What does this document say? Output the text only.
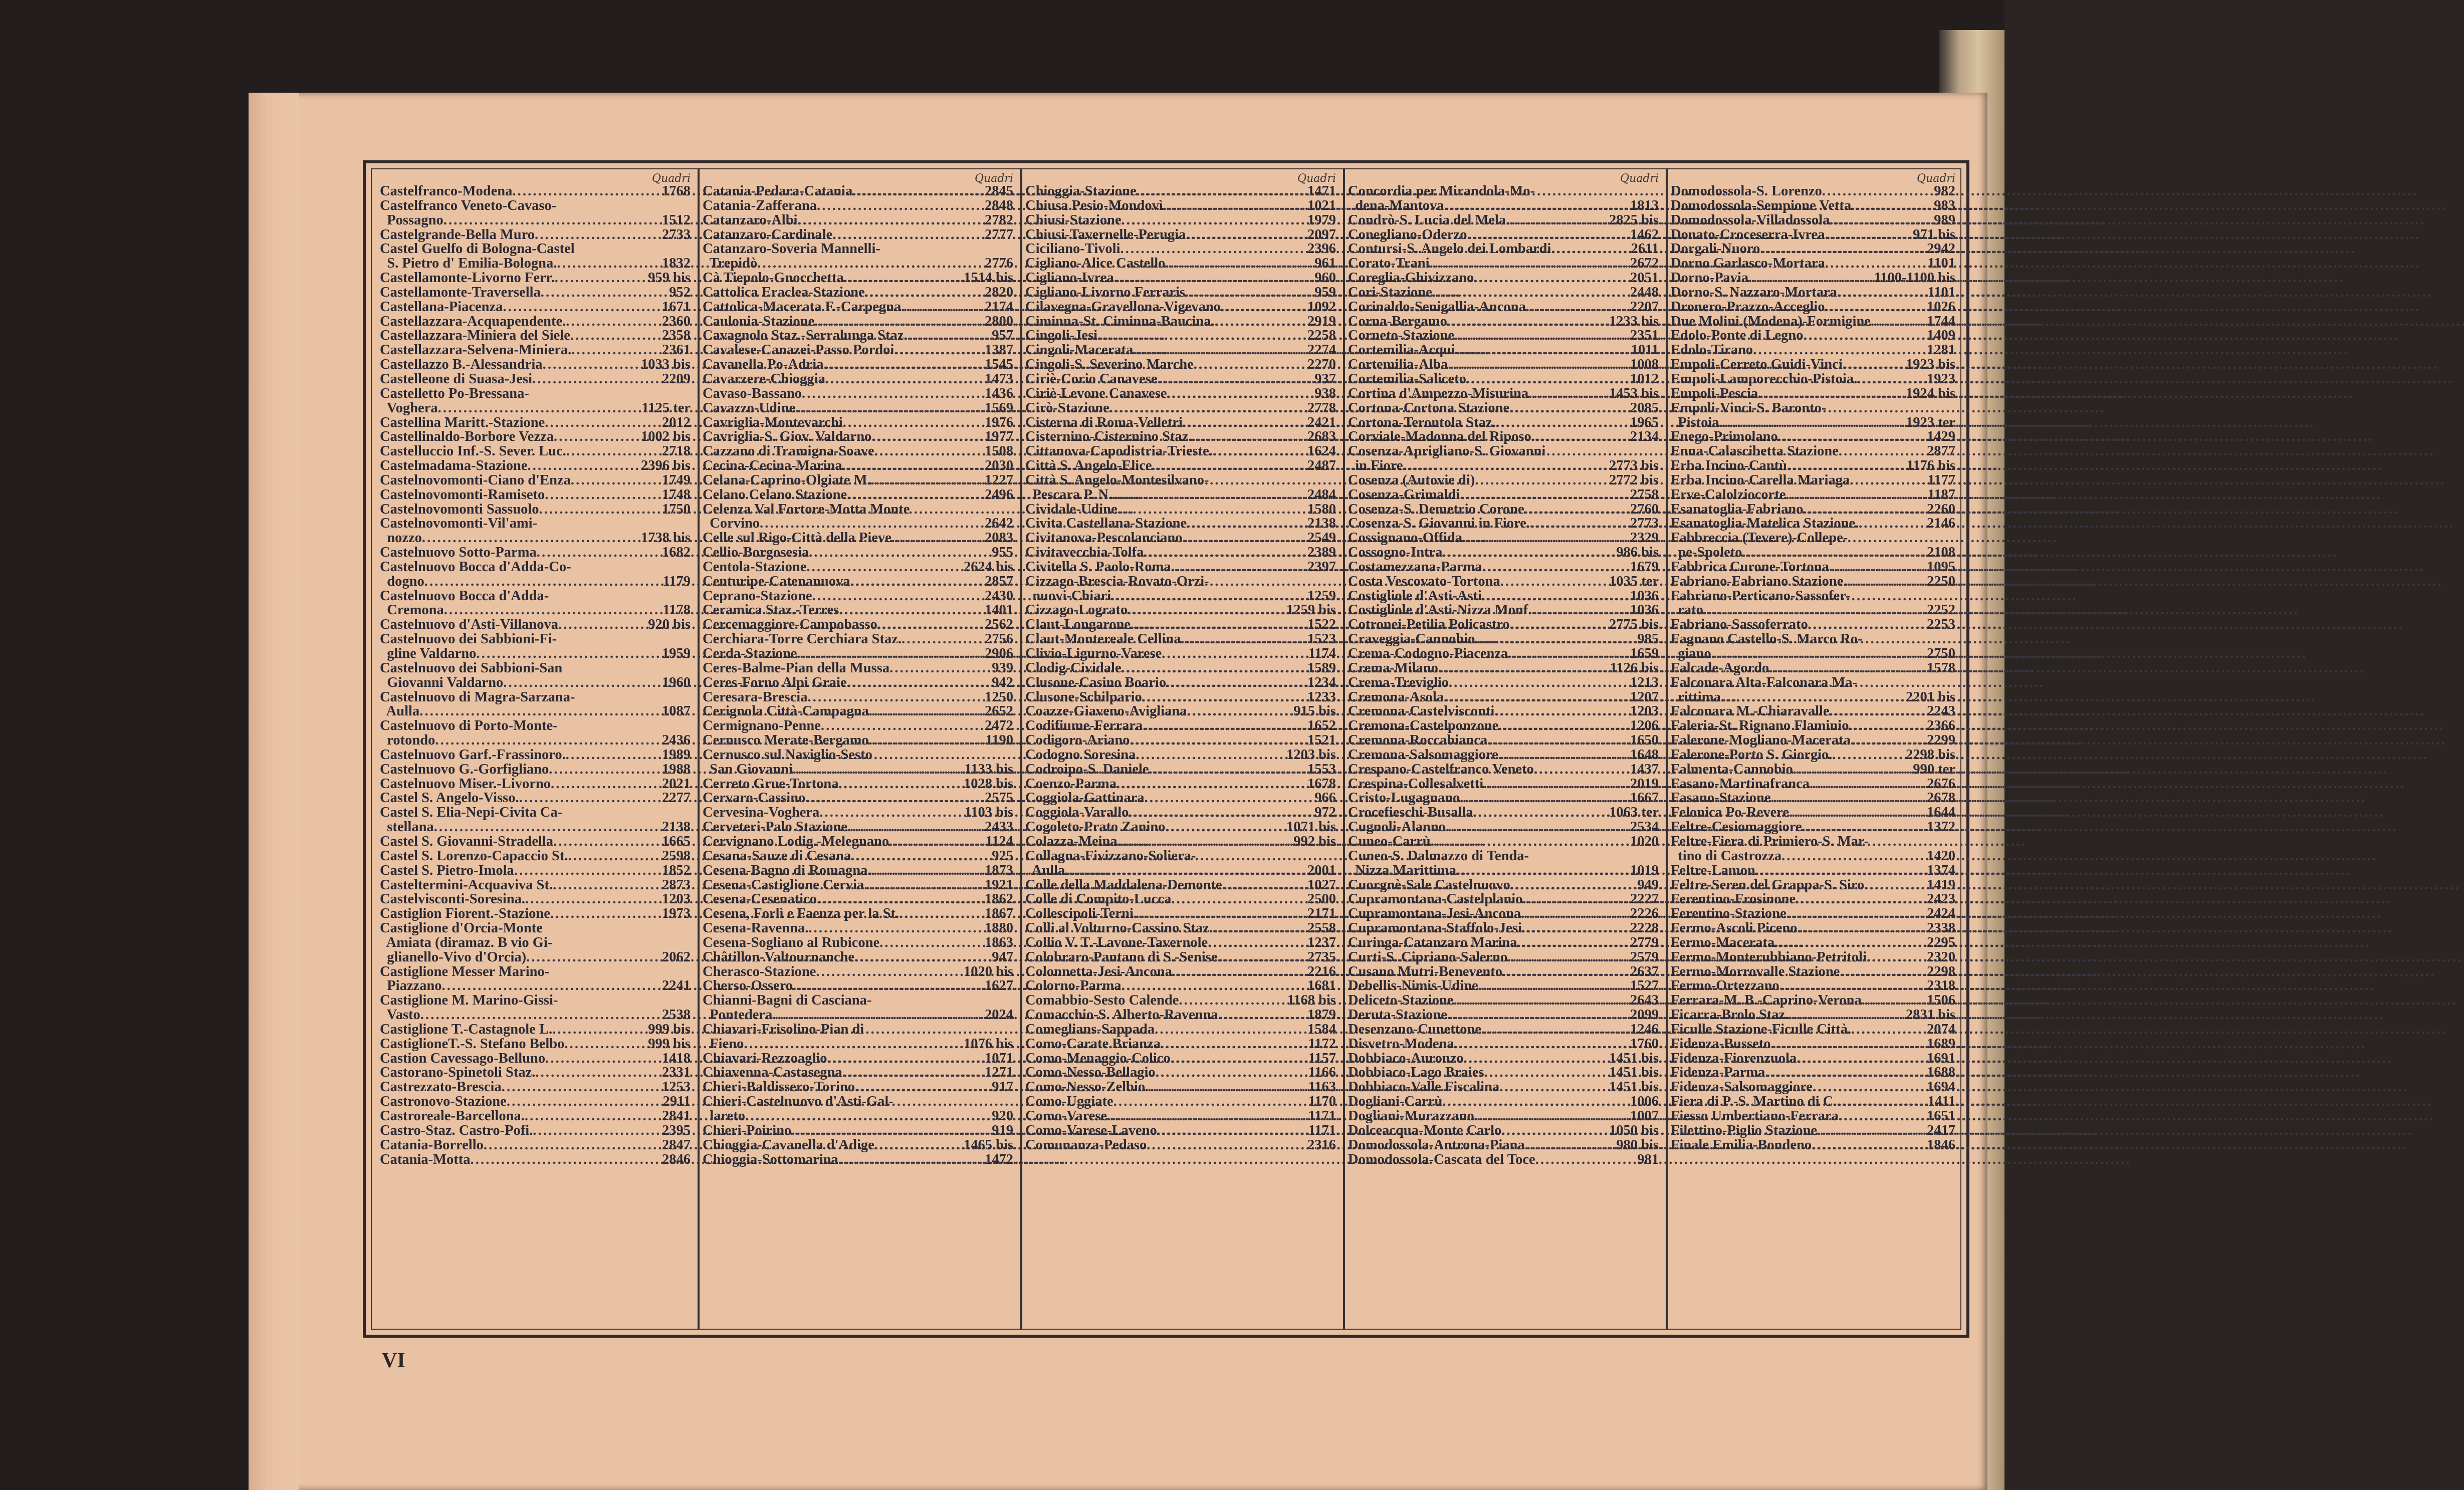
Quadri
Castelfranco-Modena . . .	1768
Castelfranco Veneto-Cavaso-
Possagno . . .	1512
Castelgrande-Bella Muro . . .	2733
Castel Guelfo di Bologna-Castel
S. Pietro d' Emilia-Bologna. . . .	1832
Castellamonte-Livorno Ferr. . . .	959 bis
Castellamonte-Traversella . . .	952
Castellana-Piacenza . . .	1671
Castellazzara-Acquapendente. . . .	2360
Castellazzara-Miniera del Siele . . .	2358
Castellazzara-Selvena-Miniera. . . .	2361
Castellazzo B.-Alessandria . . .	1033 bis
Castelleone di Suasa-Jesi . . .	2209
Castelletto Po-Bressana-
Voghera . . .	1125 ter
Castellina Maritt.-Stazione . . .	2012
Castellinaldo-Borbore Vezza . . .	1002 bis
Castelluccio Inf.-S. Sever. Luc. . . .	2718
Castelmadama-Stazione . . .	2396 bis
Castelnovomonti-Ciano d'Enza . . .	1749
Castelnovomonti-Ramiseto . . .	1748
Castelnovomonti Sassuolo . . .	1750
Castelnovomonti-Vil'ami-
nozzo . . .	1738 bis
Castelnuovo Sotto-Parma . . .	1682
Castelnuovo Bocca d'Adda-Co-
dogno . . .	1179
Castelnuovo Bocca d'Adda-
Cremona . . .	1178
Castelnuovo d'Asti-Villanova . . .	920 bis
Castelnuovo dei Sabbioni-Fi-
gline Valdarno . . .	1959
Castelnuovo dei Sabbioni-San
Giovanni Valdarno . . .	1960
Castelnuovo di Magra-Sarzana-
Aulla . . .	1087
Castelnuovo di Porto-Monte-
rotondo . . .	2436
Castelnuovo Garf.-Frassinoro. . . .	1989
Castelnuovo G.-Gorfigliano . . .	1988
Castelnuovo Miser.-Livorno . . .	2021
Castel S. Angelo-Visso. . . .	2277
Castel S. Elia-Nepi-Civita Ca-
stellana . . .	2138
Castel S. Giovanni-Stradella . . .	1665
Castel S. Lorenzo-Capaccio St. . . .	2598
Castel S. Pietro-Imola . . .	1852
Casteltermini-Acquaviva St. . . .	2873
Castelvisconti-Soresina. . . .	1203
Castiglion Fiorent.-Stazione . . .	1973
Castiglione d'Orcia-Monte
Amiata (diramaz. B vio Gi-
glianello-Vivo d'Orcia) . . .	2062
Castiglione Messer Marino-
Piazzano . . .	2241
Castiglione M. Marino-Gissi-
Vasto . . .	2538
Castiglione T.-Castagnole L. . . .	999 bis
CastiglioneT.-S. Stefano Belbo . . .	999 bis
Castion Cavessago-Belluno . . .	1418
Castorano-Spinetoli Staz. . . .	2331
Castrezzato-Brescia . . .	1253
Castronovo-Stazione . . .	2911
Castroreale-Barcellona. . . .	2841
Castro-Staz. Castro-Pofi. . . .	2395
Catania-Borrello . . .	2847
Catania-Motta . . .	2846
Quadri
Catania-Pedara-Catania . . .	2845
Catania-Zafferana . . .	2848
Catanzaro-Albi . . .	2782
Catanzaro-Cardinale . . .	2777
Catanzaro-Soveria Mannelli-
Trepidò . . .	2776
Cà Tiepolo-Gnocchetta . . .	1514 bis
Cattolica Eraclea-Stazione . . .	2820
Cattolica-Macerata F.-Carpegna . . .	2174
Caulonia-Stazione . . .	2800
Cavagnolo Staz.-Serralunga Staz. . . .	957
Cavalese-Canazei-Passo Pordoi . . .	1387
Cavanella Po-Adria . . .	1545
Cavarzere-Chioggia . . .	1473
Cavaso-Bassano . . .	1436
Cavazzo-Udine . . .	1569
Cavriglia-Montevarchi . . .	1976
Cavriglia-S. Giov. Valdarno . . .	1977
Cazzano di Tramigna-Soave . . .	1508
Cecina-Cecina-Marina . . .	2030
Celana-Caprino-Olgiate M. . . .	1227
Celano Celano Stazione . . .	2496
Celenza Val Fortore-Motta Monte
Corvino . . .	2642
Celle sul Rigo-Città della Pieve . . .	2083
Cellio-Borgosesia . . .	955
Centola-Stazione . . .	2624 bis
Centuripe-Catenanuova . . .	2857
Ceprano-Stazione . . .	2430
Ceramica Staz.-Terres . . .	1401
Cercemaggiore-Campobasso . . .	2562
Cerchiara-Torre Cerchiara Staz. . . .	2756
Cerda-Stazione . . .	2906
Ceres-Balme-Pian della Mussa . . .	939
Ceres-Forno Alpi Graie . . .	942
Ceresara-Brescia . . .	1250
Cerignola Città-Campagna . . .	2652
Cermignano-Penne . . .	2472
Cernusco Merate-Bergamo . . .	1190
Cernusco sul Naviglio-Sesto
San Giovanni . . .	1133 bis
Cerreto Grue-Tortona . . .	1028 bis
Cervaro-Cassino . . .	2575
Cervesina-Voghera . . .	1103 bis
Cerveteri-Palo Stazione . . .	2433
Cervignano Lodig.-Melegnano . . .	1124
Cesana-Sauze di Cesana . . .	925
Cesena-Bagno di Romagna. . . .	1873
Cesena-Castiglione Cervia . . .	1921
Cesena-Cesenatico . . .	1862
Cesena, Forlì e Faenza per la St. . . .	1867
Cesena-Ravenna. . . .	1880
Cesena-Sogliano al Rubicone . . .	1863
Châtillon-Valtournanche . . .	947
Cherasco-Stazione . . .	1020 bis
Cherso-Ossero . . .	1627
Chianni-Bagni di Casciana-
Pontedera . . .	2024
Chiavari-Frisolino-Pian di
Fieno . . .	1076 bis
Chiavari-Rezzoaglio . . .	1071
Chiavenna-Castasegna . . .	1271
Chieri-Baldissero-Torino . . .	917
Chieri-Castelnuovo d'Asti-Gal-
lareto . . .	920
Chieri-Poirino . . .	919
Chioggia-Cavanella d'Adige . . .	1465 bis
Chioggia-Sottomarina . . .	1472
Quadri
Chioggia-Stazione . . .	1471
Chiusa Pesio-Mondovì . . .	1021
Chiusi-Stazione . . .	1979
Chiusi-Tavernelle-Perugia . . .	2097
Ciciliano-Tivoli . . .	2396
Cigliano-Alice Castello . . .	961
Cigliano-Ivrea . . .	960
Cigliano-Livorno Ferraris . . .	959
Cilavegna-Gravellona-Vigevano . . .	1092
Ciminna-St. Ciminna-Baucina. . . .	2919
Cingoli-Jesi . . .	2258
Cingoli-Macerata . . .	2274
Cingoli-S. Severino Marche . . .	2270
Ciriè-Corio Canavese . . .	937
Ciriè-Levone Canavese . . .	938
Cirò-Stazione . . .	2778
Cisterna di Roma-Velletri . . .	2421
Cisternino-Cisternino Staz. . . .	2683
Cittanova-Capodistria-Trieste. . . .	1624
Città S. Angelo-Elice . . .	2487
Città S. Angelo-Montesilvano-
Pescara P. N. . . .	2484
Cividale-Udine . . .	1580
Civita Castellana-Stazione . . .	2138
Civitanova-Pescolanciano . . .	2549
Civitavecchia-Tolfa . . .	2389
Civitella S. Paolo-Roma. . . .	2397
Cizzago-Brescia-Rovato-Orzi-
nuovi-Chiari . . .	1259
Cizzago-Lograto . . .	1259 bis
Claut-Longarone . . .	1522
Claut-Montereale Cellina . . .	1523
Clivio-Ligurno-Varese . . .	1174
Clodig-Cividale . . .	1589
Clusone-Casino Boario . . .	1234
Clusone-Schilpario . . .	1233
Coazze-Giaveno-Avigliana . . .	915 bis
Codifiume-Ferrara . . .	1652
Codigoro-Ariano . . .	1521
Codogno Soresina . . .	1203 bis
Codroipo-S. Daniele . . .	1553
Coenzo-Parma . . .	1678
Coggiola-Gattinara . . .	966
Coggiola-Varallo . . .	972
Cogoleto-Prato Zanino . . .	1071 bis
Colazza-Meina . . .	992 bis
Collagna-Fivizzano-Soliera-
Aulla . . .	2001
Colle della Maddalena-Demonte . . .	1027
Colle di Compito-Lucca . . .	2500
Collescipoli-Terni . . .	2171
Colli al Volturno-Cassino Staz. . . .	2558
Collio V. T.-Lavone-Tavernole . . .	1237
Colobraro-Pantano di S.-Senise . . .	2735
Colonnetta-Jesi-Ancona . . .	2216
Colorno-Parma . . .	1681
Comabbio-Sesto Calende . . .	1168 bis
Comacchio-S. Alberto-Ravenna . . .	1879
Comeglians-Sappada . . .	1584
Como-Carate Brianza . . .	1172
Como-Menaggio-Colico . . .	1157
Como-Nesso-Bellagio . . .	1166
Como-Nesso-Zelbio . . .	1163
Como-Uggiate . . .	1170
Como-Varese . . .	1171
Como-Varese-Laveno . . .	1171
Comunanza-Pedaso . . .	2316
Quadri
Concordia per Mirandola-Mo-
dena-Mantova . . .	1813
Condrò-S. Lucia del Mela. . . .	2825 bis
Conegliano-Oderzo . . .	1462
Contursi-S. Angelo dei Lombardi . . .	2611
Corato-Trani . . .	2672
Coreglia-Ghivizzano . . .	2051
Cori-Stazione . . .	2448
Corinaldo-Senigallia-Ancona . . .	2207
Corna-Bergamo . . .	1233 bis
Corneto-Stazione . . .	2351
Cortemilia-Acqui . . .	1011
Cortemilia-Alba . . .	1008
Cortemilia-Saliceto . . .	1012
Cortina d'Ampezzo-Misurina . . .	1453 bis
Cortona-Cortona Stazione . . .	2085
Cortona-Terontola Staz. . . .	1965
Corviale-Madonna del Riposo. . . .	2134
Cosenza-Aprigliano-S. Giovanni
in Fiore . . .	2773 bis
Cosenza (Autovie di) . . .	2772 bis
Cosenza-Grimaldi . . .	2758
Cosenza-S. Demetrio Corone . . .	2760
Cosenza-S. Giovanni in Fiore. . . .	2773
Cossignano-Offida . . .	2329
Cossogno-Intra . . .	986 bis
Costamezzana-Parma . . .	1679
Costa Vescovato-Tortona . . .	1035 ter
Costigliole d'Asti-Asti . . .	1036
Costigliole d'Asti-Nizza Monf. . . .	1036
Cotronei-Petilia Policastro . . .	2775 bis
Craveggia-Cannobio . . .	985
Crema-Codogno-Piacenza . . .	1659
Crema-Milano . . .	1126 bis
Crema-Treviglio . . .	1213
Cremona-Asola . . .	1207
Cremona-Castelvisconti . . .	1203
Cremona-Castelponzone . . .	1206
Cremona-Roccabianca . . .	1650
Cremona-Salsomaggiore . . .	1648
Crespano-Castelfranco Veneto . . .	1437
Crespina-Collesalvetti . . .	2019
Cristo-Lugagnano . . .	1667
Crocefieschi-Busalla . . .	1063 ter
Cugnoli-Alanno . . .	2534
Cuneo-Carrù . . .	1020
Cuneo-S. Dalmazzo di Tenda-
Nizza Marittima . . .	1019
Cuorgnè-Sale Castelnuovo . . .	949
Cupramontana-Castelplanio . . .	2227
Cupramontana-Jesi-Ancona . . .	2226
Cupramontana-Staffolo-Jesi . . .	2228
Curinga-Catanzaro Marina . . .	2779
Curti-S. Cipriano-Salerno . . .	2579
Cusano Mutri-Benevento . . .	2637
Debellis-Nimis-Udine . . .	1527
Deliceto-Stazione . . .	2643
Deruta-Stazione . . .	2099
Desenzano-Cunettone . . .	1246
Disvetro-Modena . . .	1760
Dobbiaco-Auronzo . . .	1451 bis
Dobbiaco-Lago Braies . . .	1451 bis
Dobbiaco-Valle Fiscalina . . .	1451 bis
Dogliani-Carrù . . .	1006
Dogliani-Murazzano . . .	1007
Dolceacqua-Monte Carlo . . .	1050 bis
Domodossola-Antrona-Piana . . .	980 bis
Domodossola-Cascata del Toce . . .	981
Quadri
Domodossola-S. Lorenzo . . .	982
Domodossola-Sempione Vetta . . .	983
Domodossola-Villadossola . . .	989
Donato-Croceserra-Ivrea . . .	971 bis
Dorgali-Nuoro . . .	2942
Dorno Garlasco-Mortara . . .	1101
Dorno-Pavia . . .	1100-1100 bis
Dorno-S. Nazzaro-Mortara . . .	1101
Dronero-Prazzo-Acceglio . . .	1026
Due Molini (Modena)-Formigine . . .	1744
Edolo-Ponte di Legno . . .	1409
Edolo-Tirano . . .	1281
Empoli-Cerreto Guidi-Vinci . . .	1923 bis
Empoli-Lamporecchio-Pistoia. . . .	1923
Empoli-Pescia . . .	1924 bis
Empoli-Vinci-S. Baronto-
Pistoia . . .	1923 ter
Enego-Primolano . . .	1429
Enna-Calascibetta Stazione . . .	2877
Erba Incino-Cantù . . .	1176 bis
Erba Incino-Carella Mariaga . . .	1177
Erve-Calolziocorte . . .	1187
Esanatoglia-Fabriano . . .	2260
Esanatoglia-Matelica Stazione. . . .	2146
Fabbreccia (Tevere)-Collepe-
pe-Spoleto . . .	2108
Fabbrica Curone-Tortona . . .	1095
Fabriano-Fabriano Stazione. . . .	2250
Fabriano-Perticano-Sassofer-
rato . . .	2252
Fabriano-Sassoferrato . . .	2253
Fagnano Castello-S. Marco Ro-
giano . . .	2750
Falcade-Agordo . . .	1578
Falconara Alta-Falconara Ma-
rittima . . .	2201 bis
Falconara M.-Chiaravalle . . .	2243
Faleria-St. Rignano Flaminio . . .	2366
Falerone-Mogliano-Macerata . . .	2299
Falerone-Porto S. Giorgio. . . .	2298 bis
Falmenta-Cannobio . . .	990 ter
Fasano-Martinafranca . . .	2676
Fasano-Stazione . . .	2678
Felonica Po-Revere . . .	1644
Feltre-Cesiomaggiore . . .	1372
Feltre-Fiera di Primiero-S. Mar-
tino di Castrozza . . .	1420
Feltre-Lamon . . .	1374
Feltre-Seren del Grappa-S. Siro . . .	1419
Ferentino-Frosinone . . .	2423
Ferentino-Stazione . . .	2424
Fermo-Ascoli Piceno . . .	2338
Fermo-Macerata . . .	2295
Fermo-Monterubbiano-Petritoli . . .	2320
Fermo-Morrovalle Stazione . . .	2298
Fermo-Ortezzano . . .	2318
Ferrara-M. B.-Caprino-Verona . . .	1506
Ficarra-Brolo Staz. . . .	2831 bis
Ficulle Stazione-Ficulle Città. . . .	2074
Fidenza-Busseto . . .	1689
Fidenza-Fiorenzuola . . .	1691
Fidenza-Parma . . .	1688
Fidenza-Salsomaggiore . . .	1694
Fiera di P.-S. Martino di C. . . .	1411
Fiesso Umbertiano-Ferrara . . .	1651
Filettino-Piglio Stazione . . .	2417
Finale Emilia-Bondeno . . .	1846
VI
